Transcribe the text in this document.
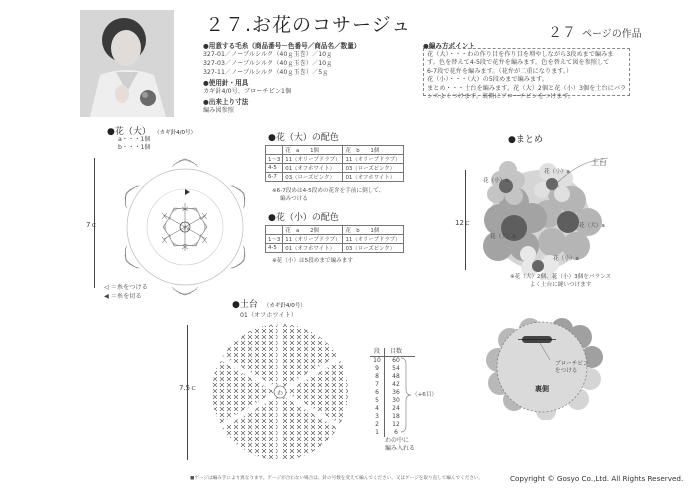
２７.お花のコサージュ	２７ ページの作品
●用意する毛糸（商品番号－色番号／商品名／数量）
327-01／ノーブルシルク（40ｇ玉巻）／10ｇ
327-03／ノーブルシルク（40ｇ玉巻）／10ｇ
327-11／ノーブルシルク（40ｇ玉巻）／5ｇ
●使用針・用具
カギ針4/0号、ブローチピン1個
●出来上り寸法
編み図参照
●編み方ポイント
花（大）・・・わの作り目を作り目を増やしながら3段めまで編みま
す。色を替えて4-5段で花弁を編みます。色を替えて図を参照して
6-7段で花弁を編みます。（花弁が二重になります。）
花（小）・・・（大）の5段めまで編みます。
まとめ・・・土台を編みます。花（大）2個と花（小）3個を土台にバラ
ンスよくつけます。裏側にブローチピンをつけます。
●花（大） （カギ針4/0号）
a・・・1個
b・・・1個
7ｃ	わ
◁ ＝糸をつける
◀ ＝糸を切る
●花（大）の配色
	花　a　　1個	花　b　　1個
1～3	11（オリーブドラブ）	11（オリーブドラブ）
4-5	01（オフホワイト）	03（ローズピンク）
6-7	03（ローズピンク）	01（オフホワイト）
※6-7段めは4-5段めの花弁を手前に倒して、
編みつける
●花（小）の配色
	花　a　　2個	花　b　　1個
1～3	11（オリーブドラブ）	11（オリーブドラブ）
4-5	01（オフホワイト）	03（ローズピンク）
※花（小）は5段めまで編みます
●土台 （カギ針4/0号）
01（オフホワイト）
7.5ｃ
わ
段	目数
10	60
9	54
8	48
7	42
6	36
5	30
4	24
3	18
2	12
1	6
わの中に
編み入れる
（+6目）
●まとめ
12ｃ
土台
花（小）a
花（小）b
花（大）a
花（大）b
花（小）a
※花（大）2個、花（小）3個をバランス
よく土台に縫いつけます
ブローチピン
をつける
裏側
■ゲージは編み手により異なります。ゲージが合わない場合は、針の号数を変えて編んでください。又はゲージを取り直して編んでください。	Copyright © Gosyo Co.,Ltd. All Rights Reserved.
